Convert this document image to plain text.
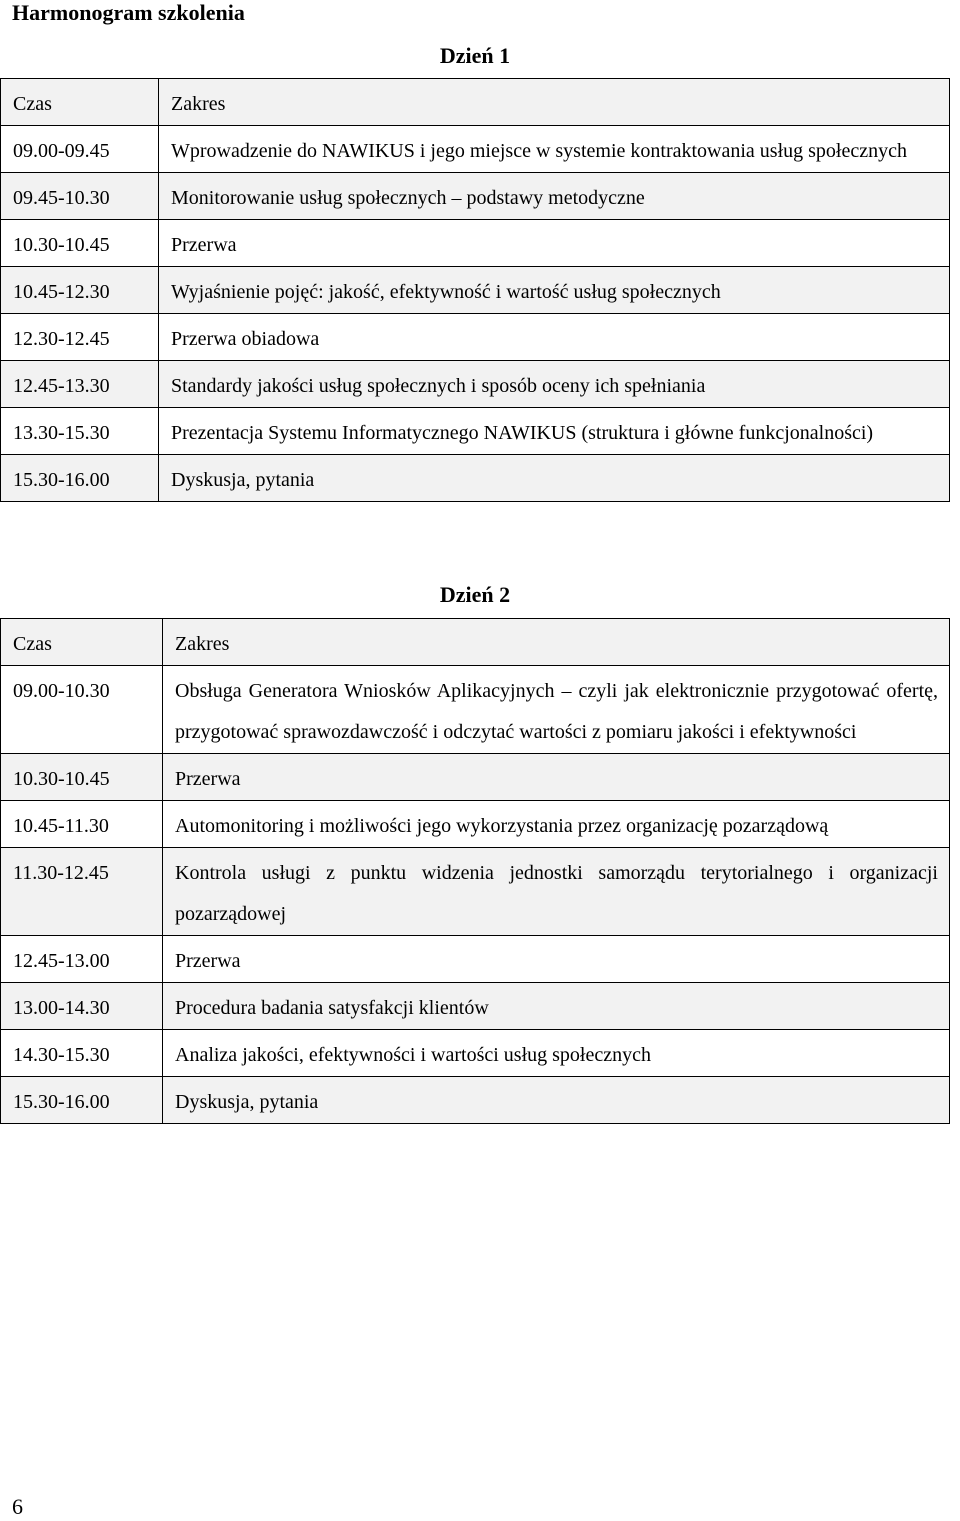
Harmonogram szkolenia
Dzień 1
Czas	Zakres
09.00-09.45	Wprowadzenie do NAWIKUS i jego miejsce w systemie kontraktowania usług społecznych
09.45-10.30	Monitorowanie usług społecznych – podstawy metodyczne
10.30-10.45	Przerwa
10.45-12.30	Wyjaśnienie pojęć: jakość, efektywność i wartość usług społecznych
12.30-12.45	Przerwa obiadowa
12.45-13.30	Standardy jakości usług społecznych i sposób oceny ich spełniania
13.30-15.30	Prezentacja Systemu Informatycznego NAWIKUS (struktura i główne funkcjonalności)
15.30-16.00	Dyskusja, pytania
Dzień 2
Czas	Zakres
09.00-10.30	Obsługa Generatora Wniosków Aplikacyjnych – czyli jak elektronicznie przygotować ofertę, przygotować sprawozdawczość i odczytać wartości z pomiaru jakości i efektywności
10.30-10.45	Przerwa
10.45-11.30	Automonitoring i możliwości jego wykorzystania przez organizację pozarządową
11.30-12.45	Kontrola usługi z punktu widzenia jednostki samorządu terytorialnego i organizacji pozarządowej
12.45-13.00	Przerwa
13.00-14.30	Procedura badania satysfakcji klientów
14.30-15.30	Analiza jakości, efektywności i wartości usług społecznych
15.30-16.00	Dyskusja, pytania
6
